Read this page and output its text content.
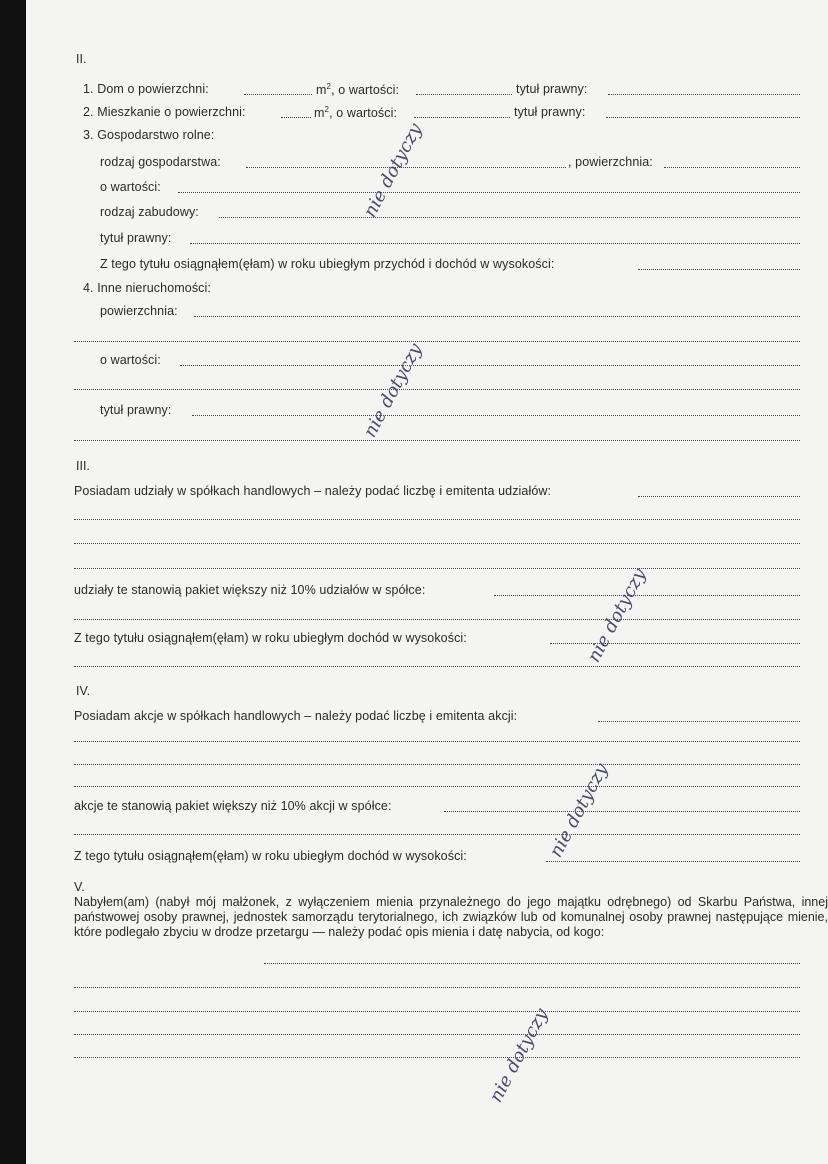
II.
1. Dom o powierzchni:	$m^2$, o wartości:	tytuł prawny:
2. Mieszkanie o powierzchni:	$m^2$, o wartości:	tytuł prawny:
3. Gospodarstwo rolne:
rodzaj gospodarstwa:	, powierzchnia:
o wartości:
rodzaj zabudowy:
tytuł prawny:
Z tego tytułu osiągnąłem(ęłam) w roku ubiegłym przychód i dochód w wysokości:
4. Inne nieruchomości:
powierzchnia:
o wartości:
tytuł prawny:
III.
Posiadam udziały w spółkach handlowych – należy podać liczbę i emitenta udziałów:
udziały te stanowią pakiet większy niż 10% udziałów w spółce:
Z tego tytułu osiągnąłem(ęłam) w roku ubiegłym dochód w wysokości:
IV.
Posiadam akcje w spółkach handlowych – należy podać liczbę i emitenta akcji:
akcje te stanowią pakiet większy niż 10% akcji w spółce:
Z tego tytułu osiągnąłem(ęłam) w roku ubiegłym dochód w wysokości:
V.
Nabyłem(am) (nabył mój małżonek, z wyłączeniem mienia przynależnego do jego majątku odrębnego) od Skarbu Państwa, innej państwowej osoby prawnej, jednostek samorządu terytorialnego, ich związków lub od komunalnej osoby prawnej następujące mienie, które podlegało zbyciu w drodze przetargu — należy podać opis mienia i datę nabycia, od kogo:
nie dotyczy
nie dotyczy
nie dotyczy
nie dotyczy
nie dotyczy
